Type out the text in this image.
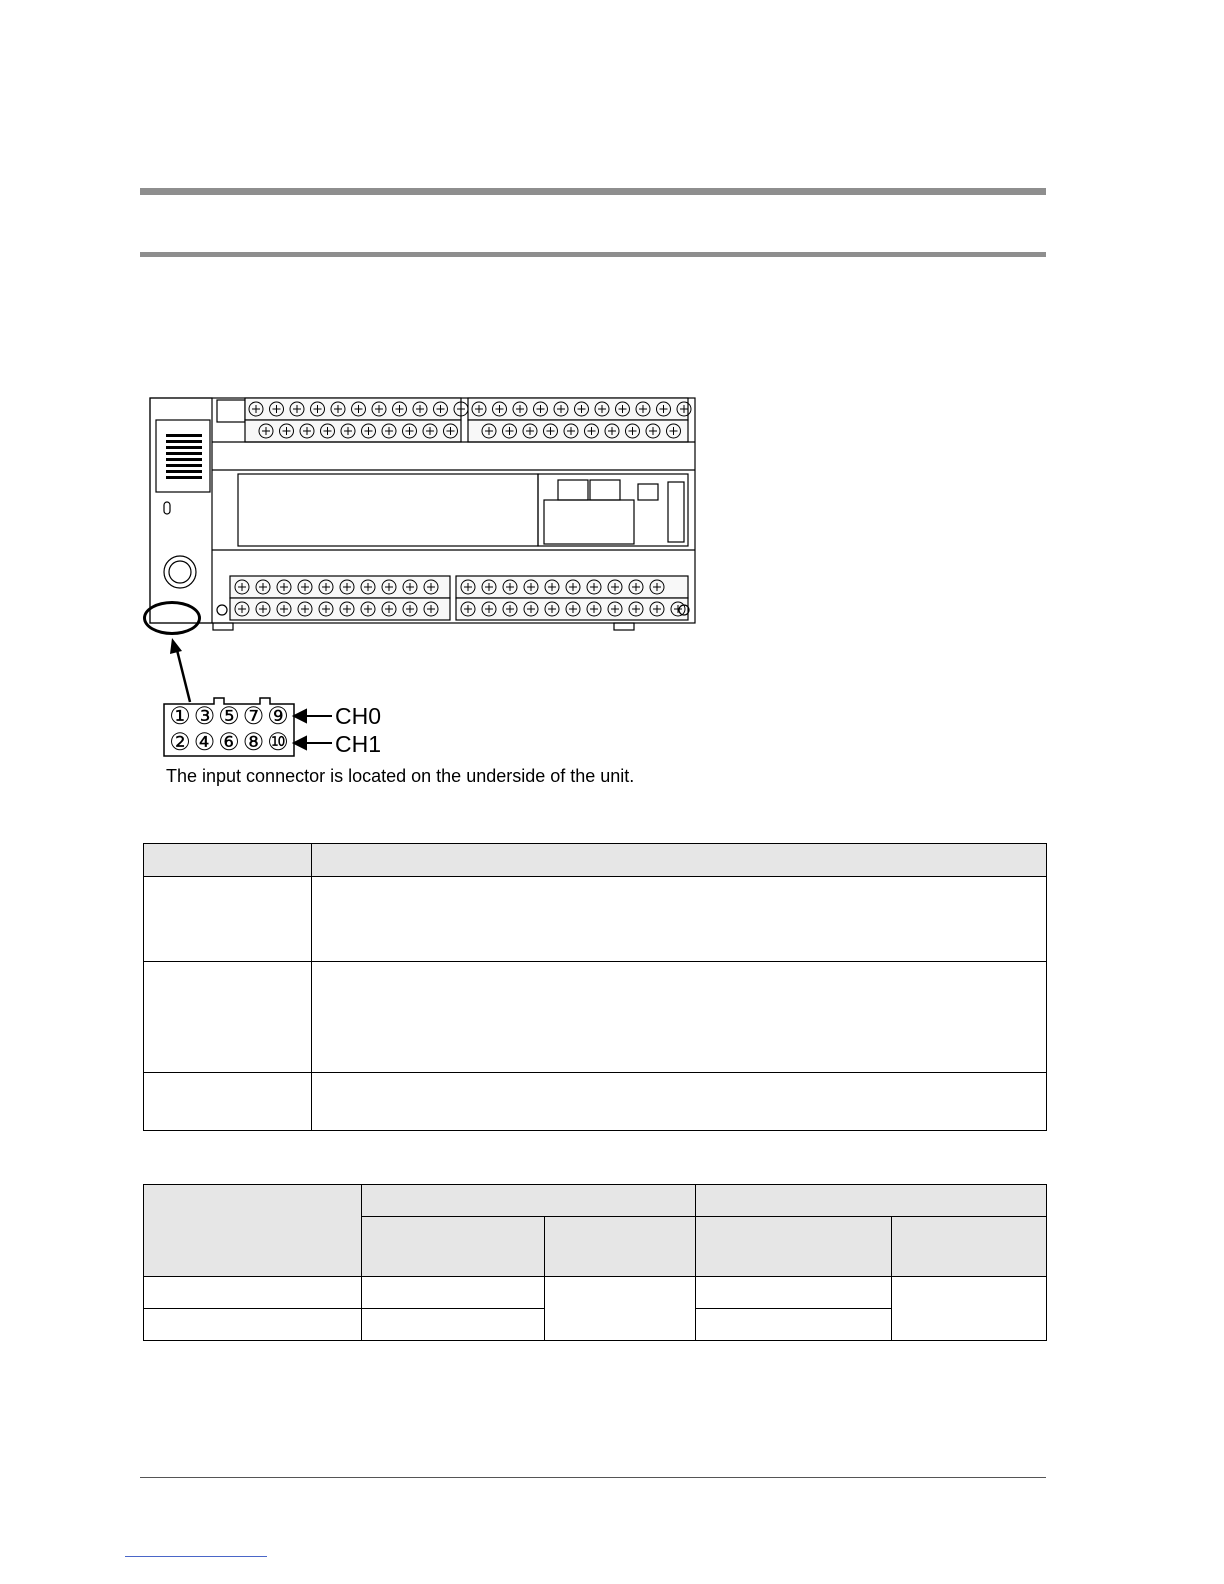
① ③ ⑤ ⑦ ⑨
② ④ ⑥ ⑧ ⑩
CH0
CH1
The input connector is located on the underside of the unit.
